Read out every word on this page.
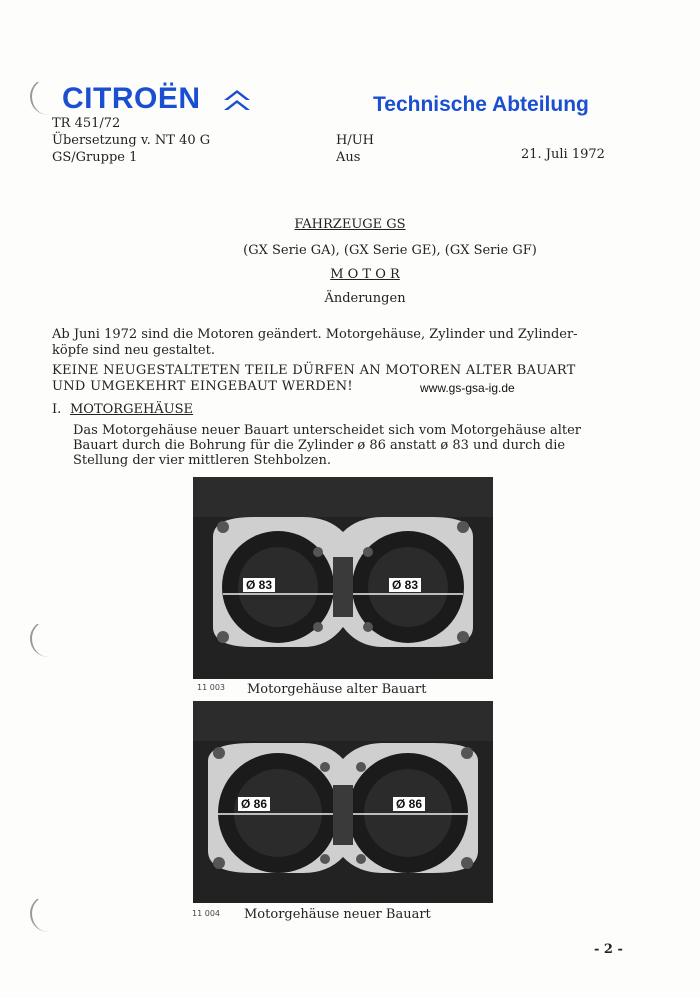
CITROËN	Technische Abteilung
TR 451/72
Übersetzung v. NT 40 G
GS/Gruppe 1
H/UH
Aus	21. Juli 1972
FAHRZEUGE GS
(GX Serie GA), (GX Serie GE), (GX Serie GF)
M O T O R
Änderungen
Ab Juni 1972 sind die Motoren geändert. Motorgehäuse, Zylinder und Zylinder-
köpfe sind neu gestaltet.
KEINE NEUGESTALTETEN TEILE DÜRFEN AN MOTOREN ALTER BAUART
UND UMGEKEHRT EINGEBAUT WERDEN!	www.gs-gsa-ig.de
I. MOTORGEHÄUSE
Das Motorgehäuse neuer Bauart unterscheidet sich vom Motorgehäuse alter
Bauart durch die Bohrung für die Zylinder ø 86 anstatt ø 83 und durch die
Stellung der vier mittleren Stehbolzen.
Ø 83	Ø 83
11 003 Motorgehäuse alter Bauart
Ø 86	Ø 86
11 004 Motorgehäuse neuer Bauart
- 2 -
